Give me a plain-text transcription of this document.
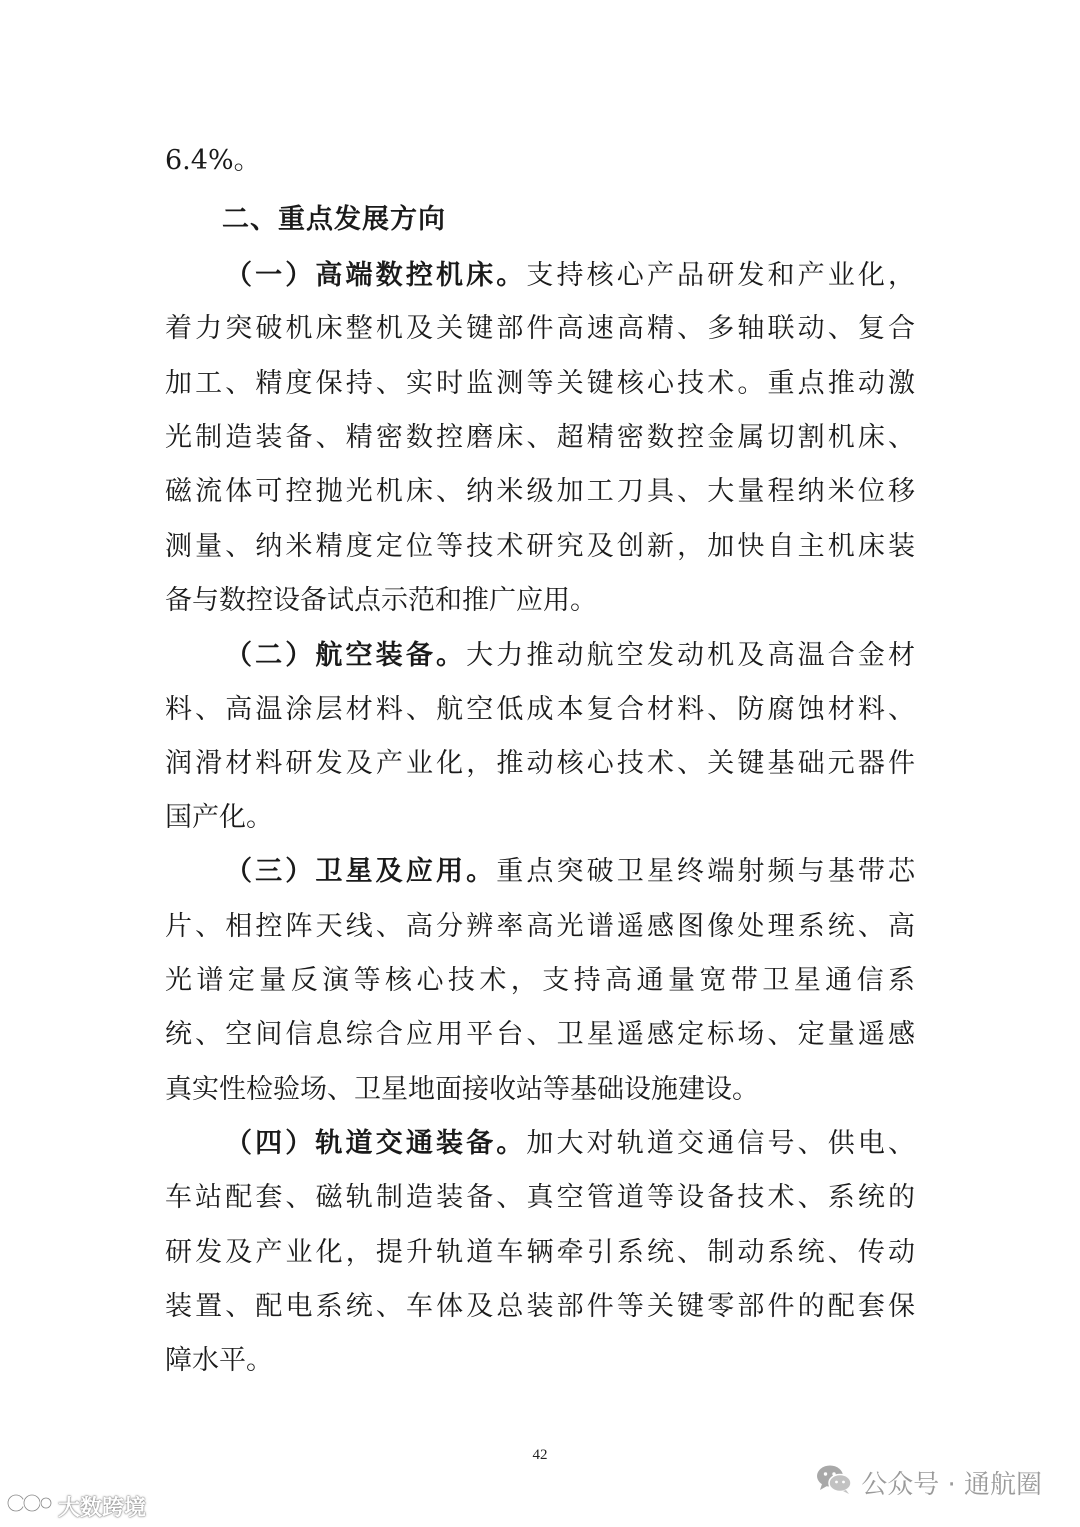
6.4%。
二、重点发展方向
（一）高端数控机床。支持核心产品研发和产业化，
着力突破机床整机及关键部件高速高精、多轴联动、复合
加工、精度保持、实时监测等关键核心技术。重点推动激
光制造装备、精密数控磨床、超精密数控金属切割机床、
磁流体可控抛光机床、纳米级加工刀具、大量程纳米位移
测量、纳米精度定位等技术研究及创新，加快自主机床装
备与数控设备试点示范和推广应用。
（二）航空装备。大力推动航空发动机及高温合金材
料、高温涂层材料、航空低成本复合材料、防腐蚀材料、
润滑材料研发及产业化，推动核心技术、关键基础元器件
国产化。
（三）卫星及应用。重点突破卫星终端射频与基带芯
片、相控阵天线、高分辨率高光谱遥感图像处理系统、高
光谱定量反演等核心技术，支持高通量宽带卫星通信系
统、空间信息综合应用平台、卫星遥感定标场、定量遥感
真实性检验场、卫星地面接收站等基础设施建设。
（四）轨道交通装备。加大对轨道交通信号、供电、
车站配套、磁轨制造装备、真空管道等设备技术、系统的
研发及产业化，提升轨道车辆牵引系统、制动系统、传动
装置、配电系统、车体及总装部件等关键零部件的配套保
障水平。
42
公众号 · 通航圈
大数跨境
